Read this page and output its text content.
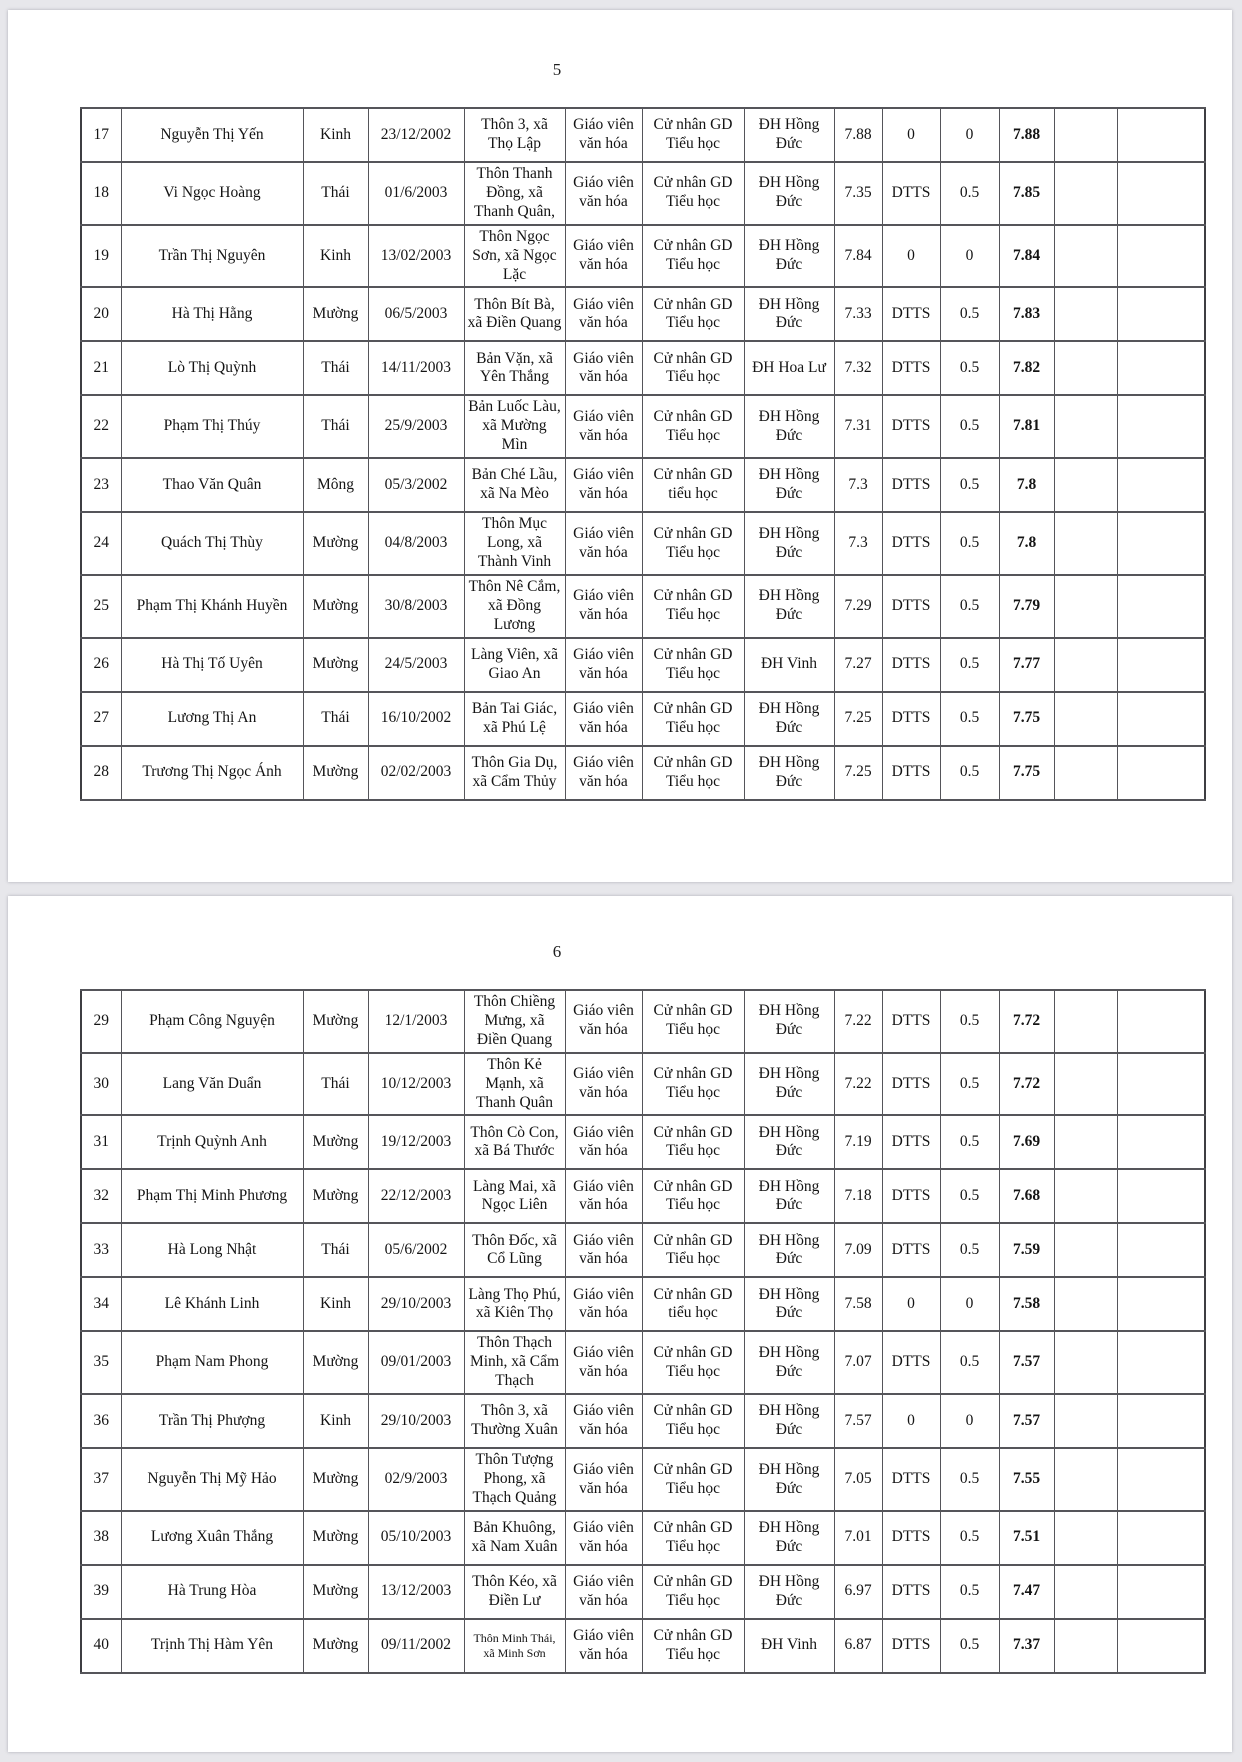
5
17	Nguyễn Thị Yến	Kinh	23/12/2002	Thôn 3, xã Thọ Lập	Giáo viên văn hóa	Cử nhân GD Tiểu học	ĐH Hồng Đức	7.88	0	0	7.88		
18	Vi Ngọc Hoàng	Thái	01/6/2003	Thôn Thanh Đồng, xã Thanh Quân,	Giáo viên văn hóa	Cử nhân GD Tiểu học	ĐH Hồng Đức	7.35	DTTS	0.5	7.85		
19	Trần Thị Nguyên	Kinh	13/02/2003	Thôn Ngọc Sơn, xã Ngọc Lặc	Giáo viên văn hóa	Cử nhân GD Tiểu học	ĐH Hồng Đức	7.84	0	0	7.84		
20	Hà Thị Hằng	Mường	06/5/2003	Thôn Bít Bà, xã Điền Quang	Giáo viên văn hóa	Cử nhân GD Tiểu học	ĐH Hồng Đức	7.33	DTTS	0.5	7.83		
21	Lò Thị Quỳnh	Thái	14/11/2003	Bản Vặn, xã Yên Thắng	Giáo viên văn hóa	Cử nhân GD Tiểu học	ĐH Hoa Lư	7.32	DTTS	0.5	7.82		
22	Phạm Thị Thúy	Thái	25/9/2003	Bản Luốc Làu, xã Mường Mìn	Giáo viên văn hóa	Cử nhân GD Tiểu học	ĐH Hồng Đức	7.31	DTTS	0.5	7.81		
23	Thao Văn Quân	Mông	05/3/2002	Bản Ché Lầu, xã Na Mèo	Giáo viên văn hóa	Cử nhân GD tiểu học	ĐH Hồng Đức	7.3	DTTS	0.5	7.8		
24	Quách Thị Thùy	Mường	04/8/2003	Thôn Mục Long, xã Thành Vinh	Giáo viên văn hóa	Cử nhân GD Tiểu học	ĐH Hồng Đức	7.3	DTTS	0.5	7.8		
25	Phạm Thị Khánh Huyền	Mường	30/8/2003	Thôn Nê Cắm, xã Đồng Lương	Giáo viên văn hóa	Cử nhân GD Tiểu học	ĐH Hồng Đức	7.29	DTTS	0.5	7.79		
26	Hà Thị Tố Uyên	Mường	24/5/2003	Làng Viên, xã Giao An	Giáo viên văn hóa	Cử nhân GD Tiểu học	ĐH Vinh	7.27	DTTS	0.5	7.77		
27	Lương Thị An	Thái	16/10/2002	Bản Tai Giác, xã Phú Lệ	Giáo viên văn hóa	Cử nhân GD Tiểu học	ĐH Hồng Đức	7.25	DTTS	0.5	7.75		
28	Trương Thị Ngọc Ánh	Mường	02/02/2003	Thôn Gia Dụ, xã Cẩm Thủy	Giáo viên văn hóa	Cử nhân GD Tiểu học	ĐH Hồng Đức	7.25	DTTS	0.5	7.75		
6
29	Phạm Công Nguyện	Mường	12/1/2003	Thôn Chiềng Mưng, xã Điền Quang	Giáo viên văn hóa	Cử nhân GD Tiểu học	ĐH Hồng Đức	7.22	DTTS	0.5	7.72		
30	Lang Văn Duẩn	Thái	10/12/2003	Thôn Kẻ Mạnh, xã Thanh Quân	Giáo viên văn hóa	Cử nhân GD Tiểu học	ĐH Hồng Đức	7.22	DTTS	0.5	7.72		
31	Trịnh Quỳnh Anh	Mường	19/12/2003	Thôn Cò Con, xã Bá Thước	Giáo viên văn hóa	Cử nhân GD Tiểu học	ĐH Hồng Đức	7.19	DTTS	0.5	7.69		
32	Phạm Thị Minh Phương	Mường	22/12/2003	Làng Mai, xã Ngọc Liên	Giáo viên văn hóa	Cử nhân GD Tiểu học	ĐH Hồng Đức	7.18	DTTS	0.5	7.68		
33	Hà Long Nhật	Thái	05/6/2002	Thôn Đốc, xã Cổ Lũng	Giáo viên văn hóa	Cử nhân GD Tiểu học	ĐH Hồng Đức	7.09	DTTS	0.5	7.59		
34	Lê Khánh Linh	Kinh	29/10/2003	Làng Thọ Phú, xã Kiên Thọ	Giáo viên văn hóa	Cử nhân GD tiểu học	ĐH Hồng Đức	7.58	0	0	7.58		
35	Phạm Nam Phong	Mường	09/01/2003	Thôn Thạch Minh, xã Cẩm Thạch	Giáo viên văn hóa	Cử nhân GD Tiểu học	ĐH Hồng Đức	7.07	DTTS	0.5	7.57		
36	Trần Thị Phượng	Kinh	29/10/2003	Thôn 3, xã Thường Xuân	Giáo viên văn hóa	Cử nhân GD Tiểu học	ĐH Hồng Đức	7.57	0	0	7.57		
37	Nguyễn Thị Mỹ Hảo	Mường	02/9/2003	Thôn Tượng Phong, xã Thạch Quảng	Giáo viên văn hóa	Cử nhân GD Tiểu học	ĐH Hồng Đức	7.05	DTTS	0.5	7.55		
38	Lương Xuân Thắng	Mường	05/10/2003	Bản Khuông, xã Nam Xuân	Giáo viên văn hóa	Cử nhân GD Tiểu học	ĐH Hồng Đức	7.01	DTTS	0.5	7.51		
39	Hà Trung Hòa	Mường	13/12/2003	Thôn Kéo, xã Điền Lư	Giáo viên văn hóa	Cử nhân GD Tiểu học	ĐH Hồng Đức	6.97	DTTS	0.5	7.47		
40	Trịnh Thị Hàm Yên	Mường	09/11/2002	Thôn Minh Thái, xã Minh Sơn	Giáo viên văn hóa	Cử nhân GD Tiểu học	ĐH Vinh	6.87	DTTS	0.5	7.37		
